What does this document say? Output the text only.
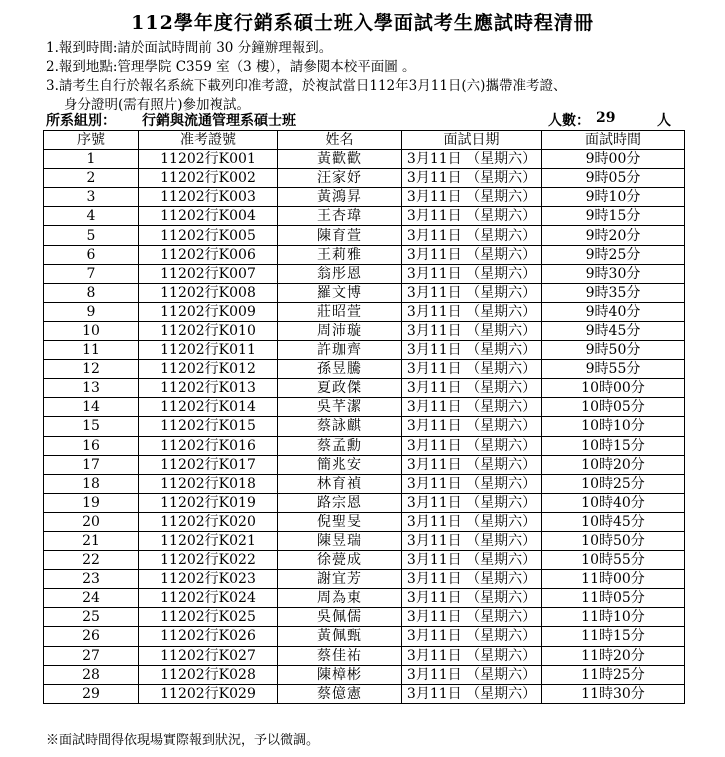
112學年度行銷系碩士班入學面試考生應試時程清冊
1.報到時間:請於面試時間前 30 分鐘辦理報到。
2.報到地點:管理學院 C359 室（3 樓），請參閱本校平面圖 。
3.請考生自行於報名系統下載列印准考證，於複試當日112年3月11日(六)攜帶准考證、
身分證明(需有照片)參加複試。
所系組別： 行銷與流通管理系碩士班	人數： 29	人
序號	准考證號	姓名	面試日期	面試時間
1	11202行K001	黃歡歡	3月11日 （星期六）	9時00分
2	11202行K002	汪家妤	3月11日 （星期六）	9時05分
3	11202行K003	黃鴻昇	3月11日 （星期六）	9時10分
4	11202行K004	王杏瑋	3月11日 （星期六）	9時15分
5	11202行K005	陳育萱	3月11日 （星期六）	9時20分
6	11202行K006	王莉雅	3月11日 （星期六）	9時25分
7	11202行K007	翁彤恩	3月11日 （星期六）	9時30分
8	11202行K008	羅文博	3月11日 （星期六）	9時35分
9	11202行K009	莊昭萱	3月11日 （星期六）	9時40分
10	11202行K010	周沛璇	3月11日 （星期六）	9時45分
11	11202行K011	許珈齊	3月11日 （星期六）	9時50分
12	11202行K012	孫昱騰	3月11日 （星期六）	9時55分
13	11202行K013	夏政傑	3月11日 （星期六）	10時00分
14	11202行K014	吳芊潔	3月11日 （星期六）	10時05分
15	11202行K015	蔡詠麒	3月11日 （星期六）	10時10分
16	11202行K016	蔡孟勳	3月11日 （星期六）	10時15分
17	11202行K017	簡兆安	3月11日 （星期六）	10時20分
18	11202行K018	林育禎	3月11日 （星期六）	10時25分
19	11202行K019	路宗恩	3月11日 （星期六）	10時40分
20	11202行K020	倪聖旻	3月11日 （星期六）	10時45分
21	11202行K021	陳昱瑞	3月11日 （星期六）	10時50分
22	11202行K022	徐甍成	3月11日 （星期六）	10時55分
23	11202行K023	謝宜芳	3月11日 （星期六）	11時00分
24	11202行K024	周為東	3月11日 （星期六）	11時05分
25	11202行K025	吳佩儒	3月11日 （星期六）	11時10分
26	11202行K026	黃佩甄	3月11日 （星期六）	11時15分
27	11202行K027	蔡佳祐	3月11日 （星期六）	11時20分
28	11202行K028	陳樟彬	3月11日 （星期六）	11時25分
29	11202行K029	蔡億憲	3月11日 （星期六）	11時30分
※面試時間得依現場實際報到狀況，予以微調。
